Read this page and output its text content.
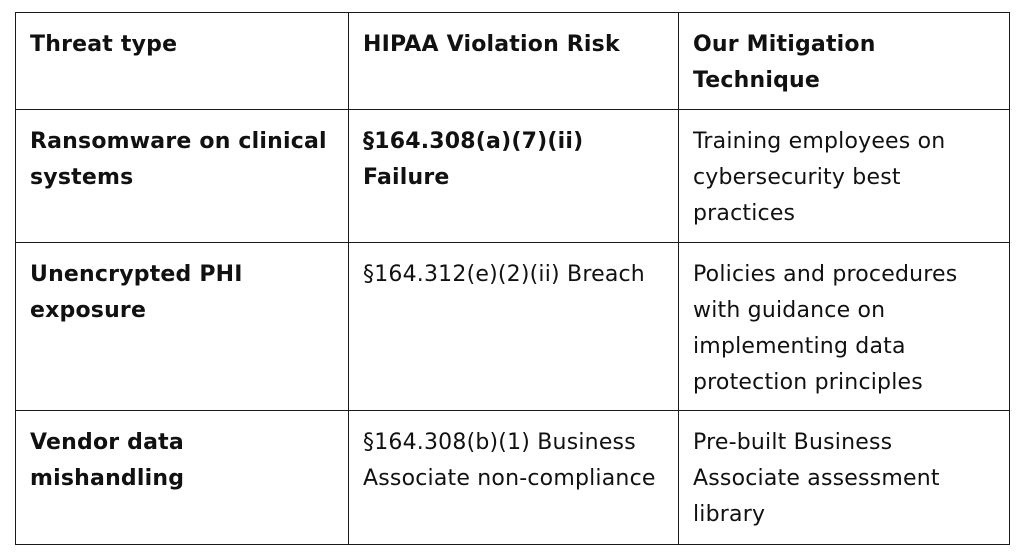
Threat type	HIPAA Violation Risk	Our Mitigation Technique
Ransomware on clinical systems	§164.308(a)(7)(ii) Failure	Training employees on cybersecurity best practices
Unencrypted PHI exposure	§164.312(e)(2)(ii) Breach	Policies and procedures with guidance on implementing data protection principles
Vendor data mishandling	§164.308(b)(1) Business Associate non-compliance	Pre-built Business Associate assessment library
